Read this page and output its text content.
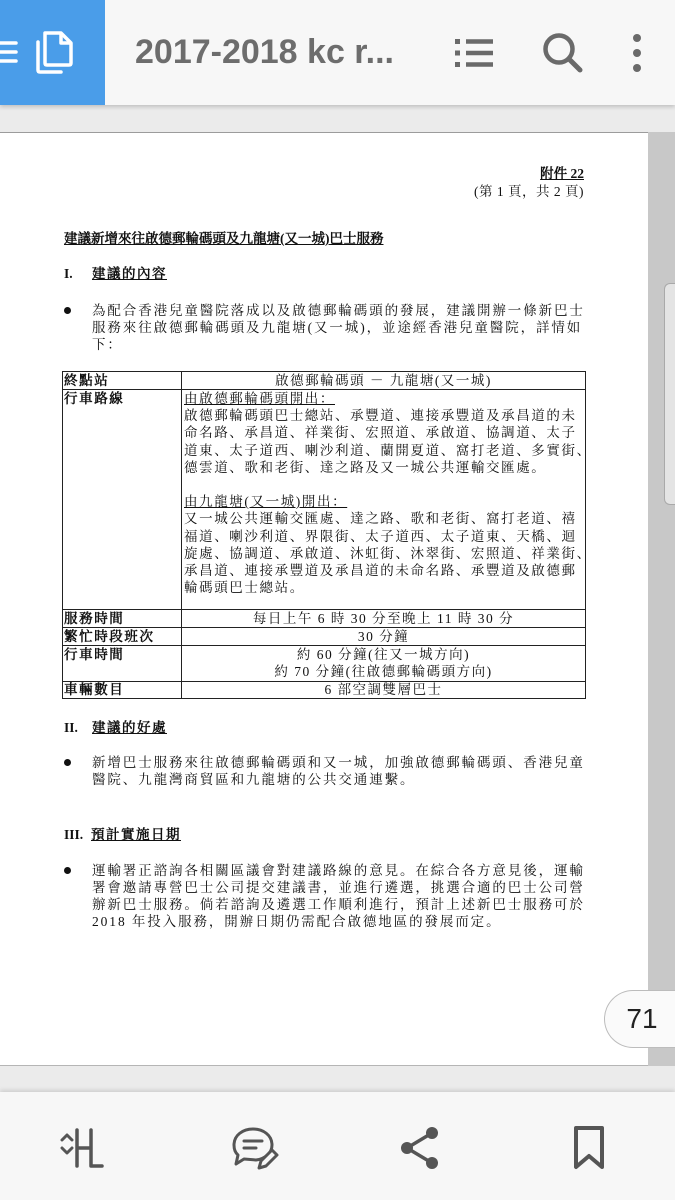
2017-2018 kc r...
附件 22
(第 1 頁，共 2 頁)
建議新增來往啟德郵輪碼頭及九龍塘(又一城)巴士服務
I. 建議的內容
為配合香港兒童醫院落成以及啟德郵輪碼頭的發展，建議開辦一條新巴士
服務來往啟德郵輪碼頭及九龍塘(又一城)，並途經香港兒童醫院，詳情如
下：
終點站	啟德郵輪碼頭 － 九龍塘(又一城)
行車路線	由啟德郵輪碼頭開出：
啟德郵輪碼頭巴士總站、承豐道、連接承豐道及承昌道的未
命名路、承昌道、祥業街、宏照道、承啟道、協調道、太子
道東、太子道西、喇沙利道、蘭開夏道、窩打老道、多實街、
德雲道、歌和老街、達之路及又一城公共運輸交匯處。
由九龍塘(又一城)開出：
又一城公共運輸交匯處、達之路、歌和老街、窩打老道、禧
福道、喇沙利道、界限街、太子道西、太子道東、天橋、迴
旋處、協調道、承啟道、沐虹街、沐翠街、宏照道、祥業街、
承昌道、連接承豐道及承昌道的未命名路、承豐道及啟德郵
輪碼頭巴士總站。
服務時間	每日上午 6 時 30 分至晚上 11 時 30 分
繁忙時段班次	30 分鐘
行車時間	約 60 分鐘(往又一城方向)
約 70 分鐘(往啟德郵輪碼頭方向)
車輛數目	6 部空調雙層巴士
II. 建議的好處
新增巴士服務來往啟德郵輪碼頭和又一城，加強啟德郵輪碼頭、香港兒童
醫院、九龍灣商貿區和九龍塘的公共交通連繫。
III. 預計實施日期
運輸署正諮詢各相關區議會對建議路線的意見。在綜合各方意見後，運輸
署會邀請專營巴士公司提交建議書，並進行遴選，挑選合適的巴士公司營
辦新巴士服務。倘若諮詢及遴選工作順利進行，預計上述新巴士服務可於
2018 年投入服務，開辦日期仍需配合啟德地區的發展而定。
71
